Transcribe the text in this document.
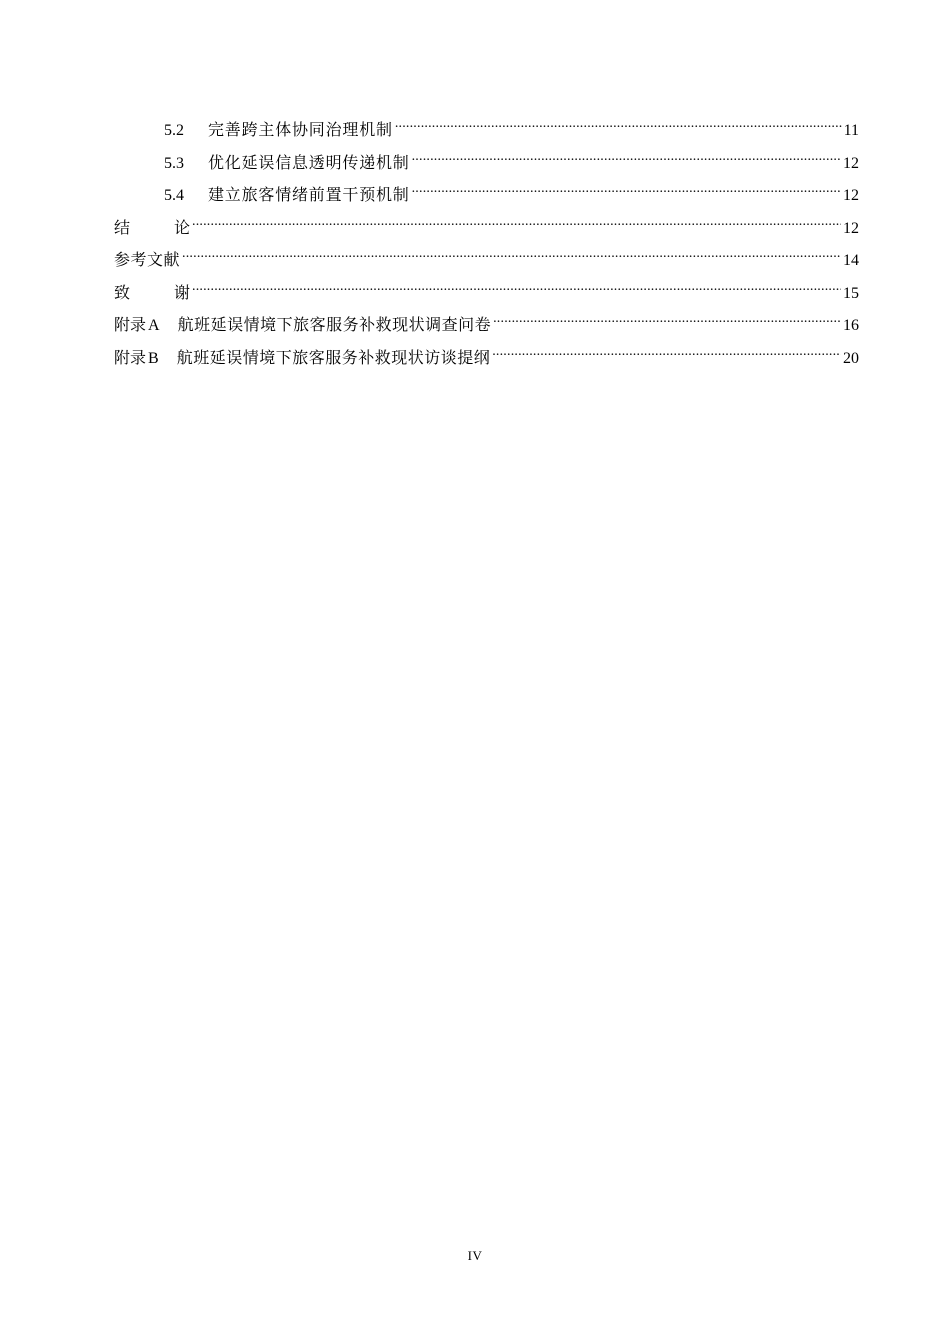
5.2	完善跨主体协同治理机制 .....	11
5.3	优化延误信息透明传递机制 .....	12
5.4	建立旅客情绪前置干预机制 .....	12
结 论 .....	12
参考文献 .....	14
致 谢 .....	15
附录 A 航班延误情境下旅客服务补救现状调查问卷 .....	16
附录 B 航班延误情境下旅客服务补救现状访谈提纲 .....	20
IV
